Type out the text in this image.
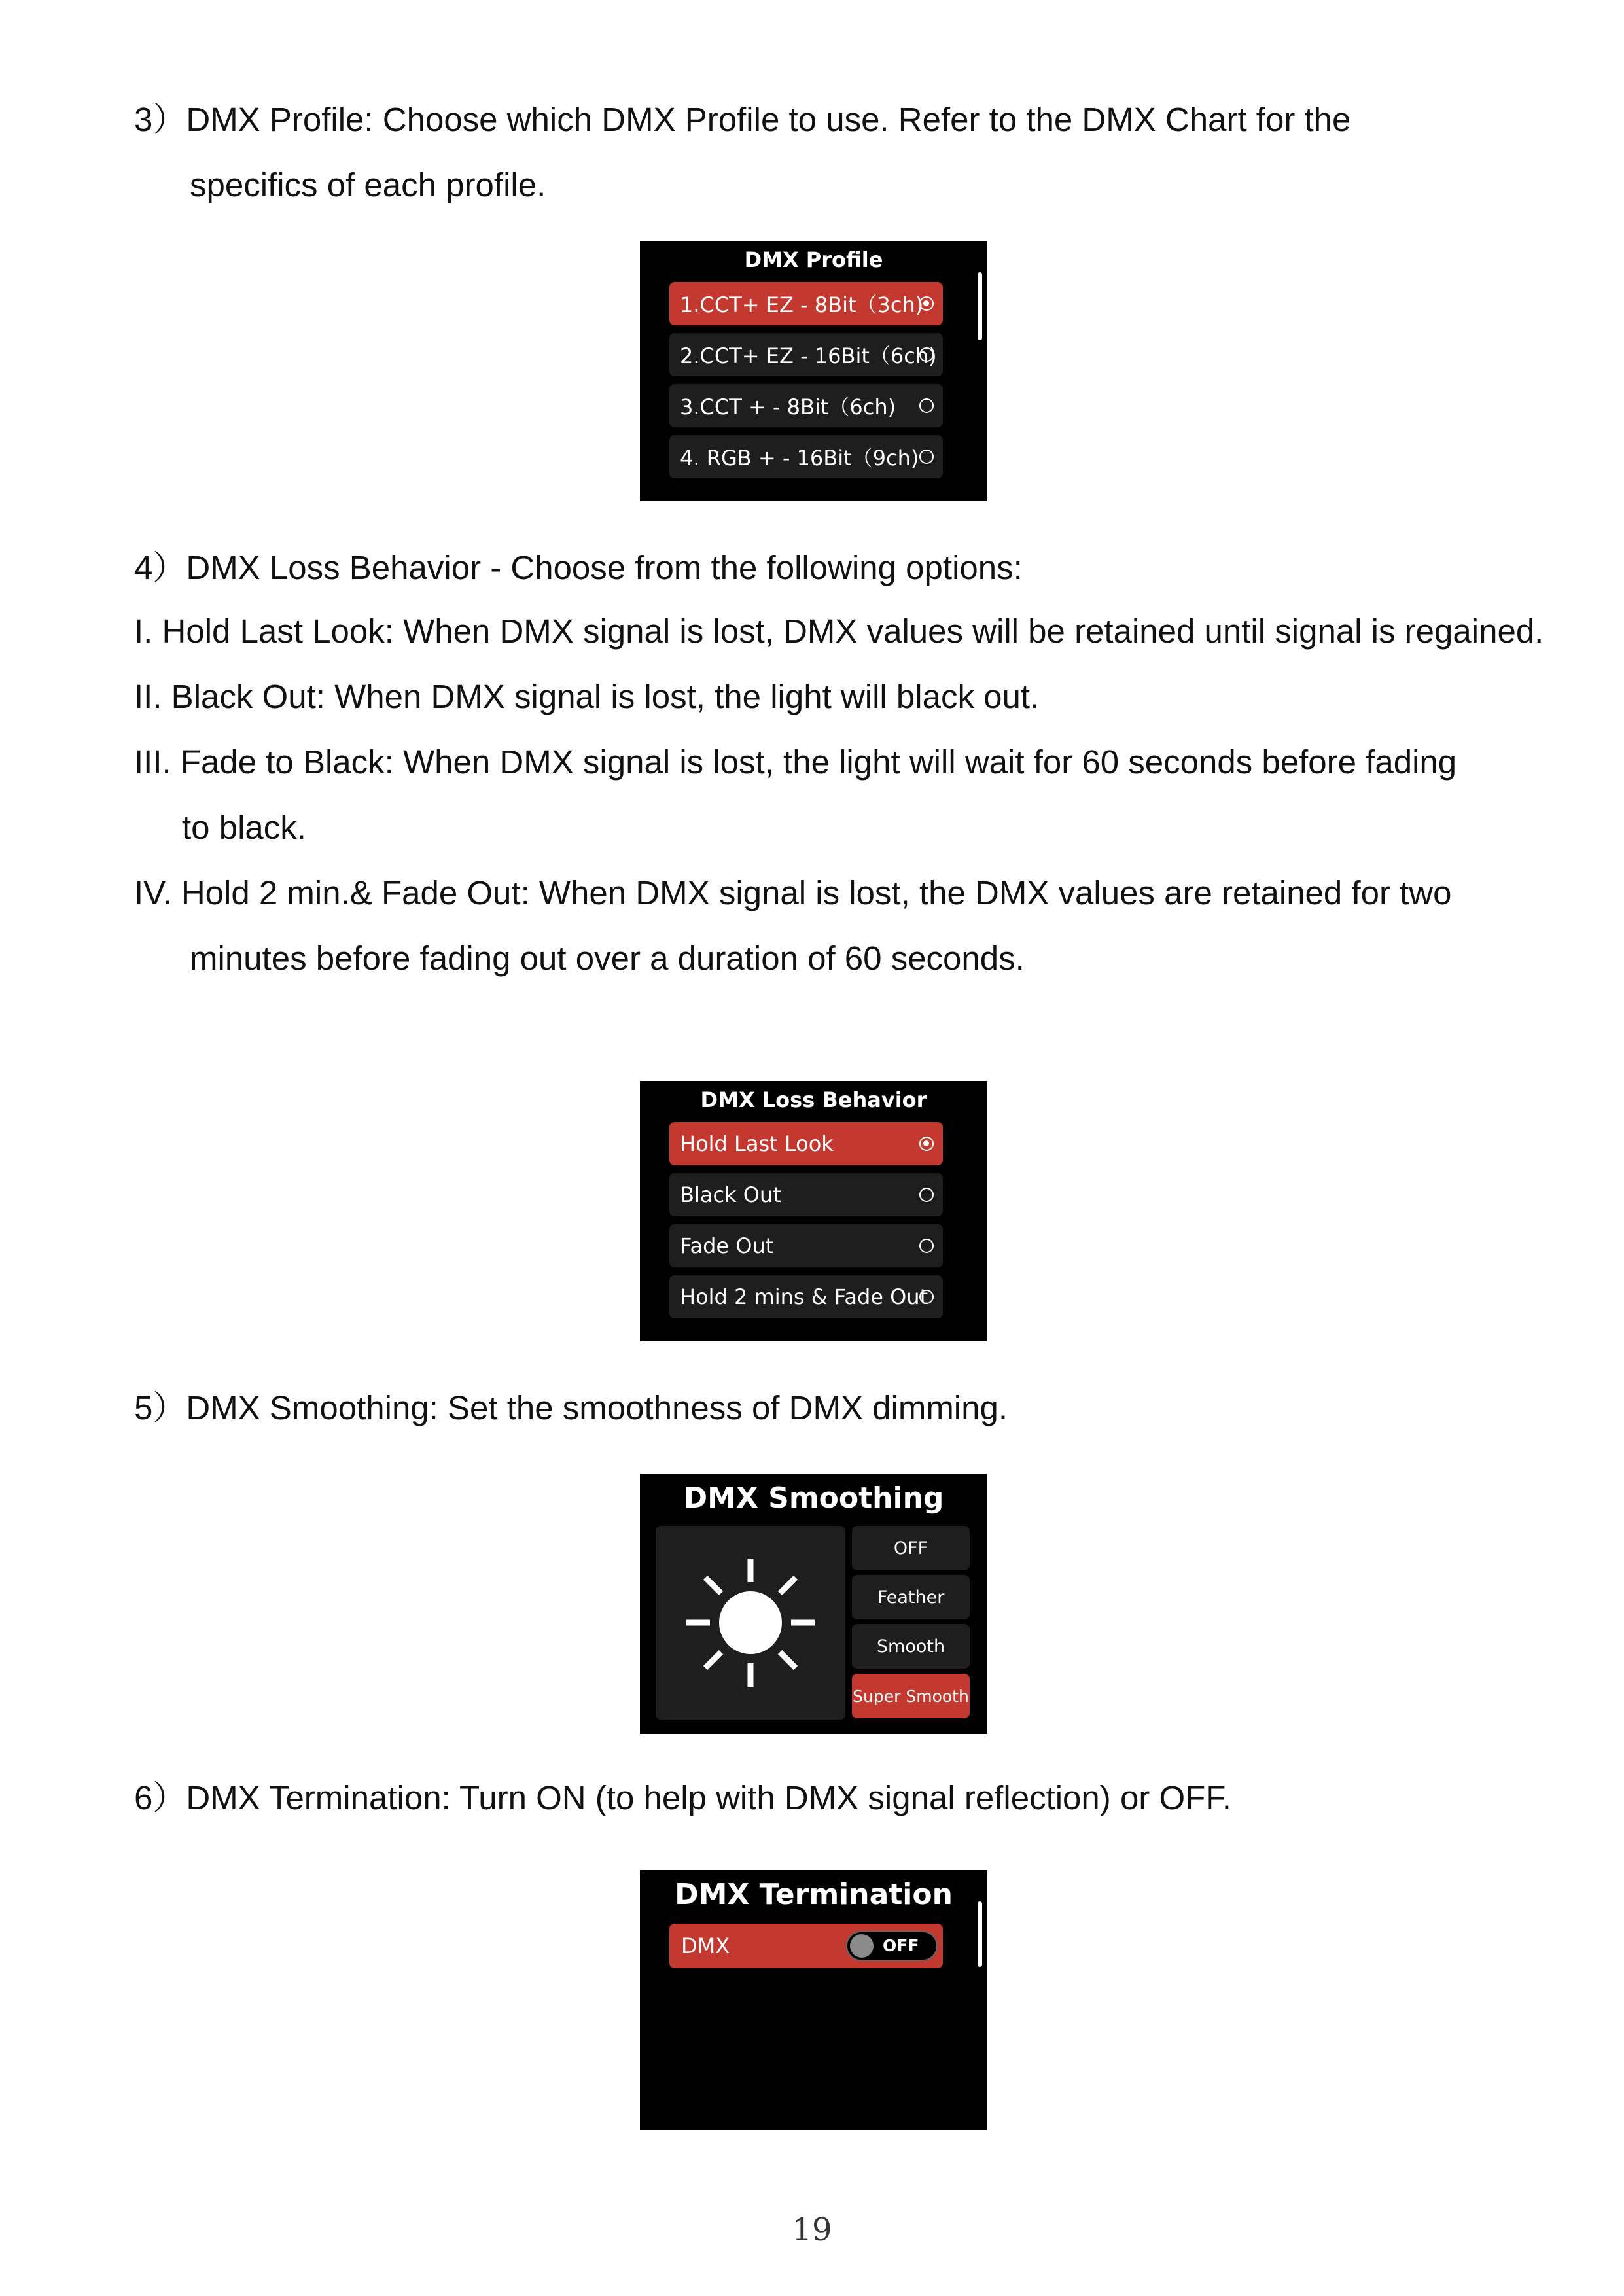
3）DMX Profile: Choose which DMX Profile to use. Refer to the DMX Chart for the

specifics of each profile.

DMX Profile
1.CCT+ EZ - 8Bit（3ch)
2.CCT+ EZ - 16Bit（6ch)
3.CCT + - 8Bit（6ch)
4. RGB + - 16Bit（9ch)

4）DMX Loss Behavior - Choose from the following options:

I. Hold Last Look: When DMX signal is lost, DMX values will be retained until signal is regained.

II. Black Out: When DMX signal is lost, the light will black out.

III. Fade to Black: When DMX signal is lost, the light will wait for 60 seconds before fading

to black.

IV. Hold 2 min.& Fade Out: When DMX signal is lost, the DMX values are retained for two

minutes before fading out over a duration of 60 seconds.

DMX Loss Behavior
Hold Last Look
Black Out
Fade Out
Hold 2 mins & Fade Out

5）DMX Smoothing: Set the smoothness of DMX dimming.

DMX Smoothing
OFF
Feather
Smooth
Super Smooth

6）DMX Termination: Turn ON (to help with DMX signal reflection) or OFF.

DMX Termination
DMX	OFF
19
